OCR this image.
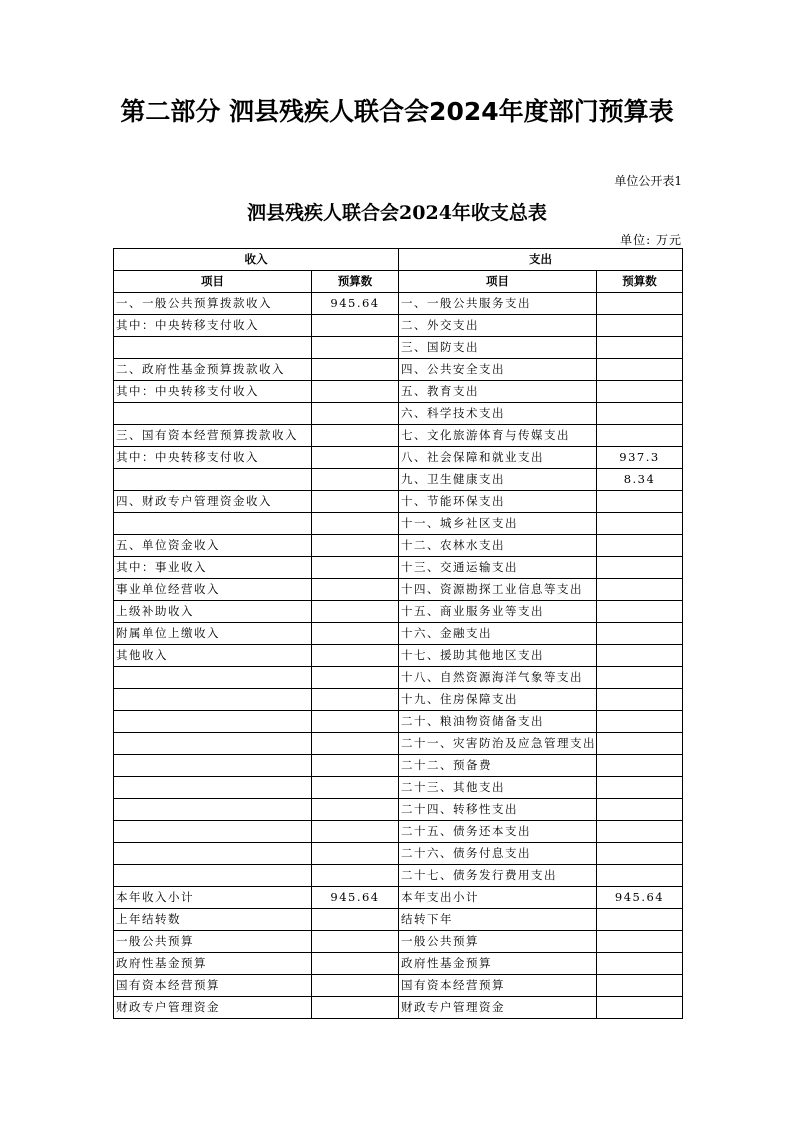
第二部分 泗县残疾人联合会2024年度部门预算表
单位公开表1
泗县残疾人联合会2024年收支总表
单位: 万元
收入		支出	
项目	预算数	项目	预算数
一、一般公共预算拨款收入	945.64	一、一般公共服务支出	
其中：中央转移支付收入		二、外交支出	
		三、国防支出	
二、政府性基金预算拨款收入		四、公共安全支出	
其中：中央转移支付收入		五、教育支出	
		六、科学技术支出	
三、国有资本经营预算拨款收入		七、文化旅游体育与传媒支出	
其中：中央转移支付收入		八、社会保障和就业支出	937.3
		九、卫生健康支出	8.34
四、财政专户管理资金收入		十、节能环保支出	
		十一、城乡社区支出	
五、单位资金收入		十二、农林水支出	
其中：事业收入		十三、交通运输支出	
事业单位经营收入		十四、资源勘探工业信息等支出	
上级补助收入		十五、商业服务业等支出	
附属单位上缴收入		十六、金融支出	
其他收入		十七、援助其他地区支出	
		十八、自然资源海洋气象等支出	
		十九、住房保障支出	
		二十、粮油物资储备支出	
		二十一、灾害防治及应急管理支出	
		二十二、预备费	
		二十三、其他支出	
		二十四、转移性支出	
		二十五、债务还本支出	
		二十六、债务付息支出	
		二十七、债务发行费用支出	
本年收入小计	945.64	本年支出小计	945.64
上年结转数		结转下年	
一般公共预算		一般公共预算	
政府性基金预算		政府性基金预算	
国有资本经营预算		国有资本经营预算	
财政专户管理资金		财政专户管理资金	
